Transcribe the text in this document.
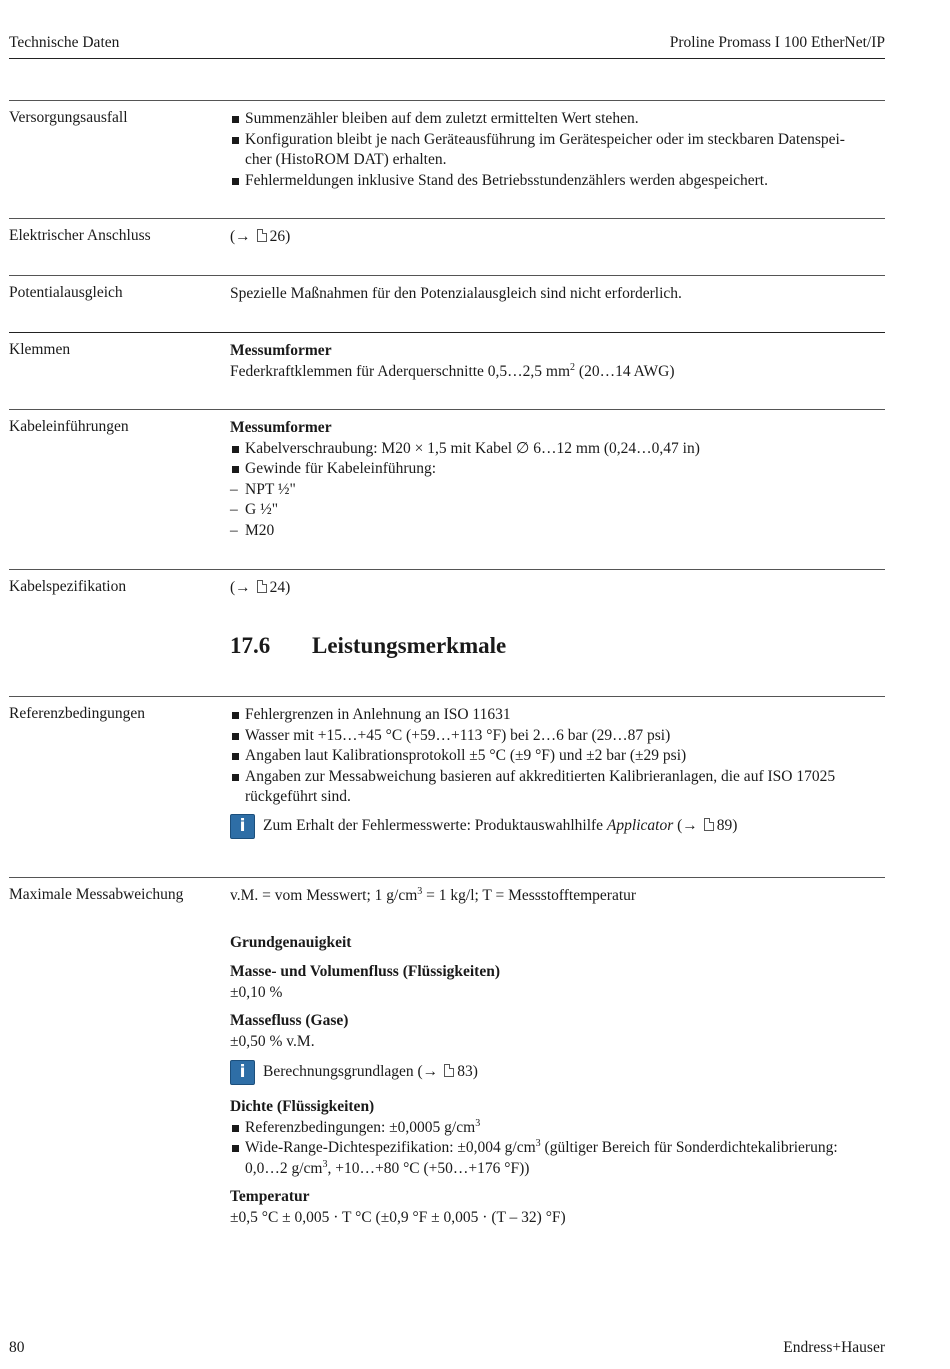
Technische Daten	Proline Promass I 100 EtherNet/IP
Versorgungsausfall	Summenzähler bleiben auf dem zuletzt ermittelten Wert stehen.
Konfiguration bleibt je nach Geräteausführung im Gerätespeicher oder im steckbaren Datenspei-
cher (HistoROM DAT) erhalten.
Fehlermeldungen inklusive Stand des Betriebsstundenzählers werden abgespeichert.
Elektrischer Anschluss	(→ 26)
Potentialausgleich	Spezielle Maßnahmen für den Potenzialausgleich sind nicht erforderlich.
Klemmen	Messumformer
Federkraftklemmen für Aderquerschnitte 0,5…2,5 $mm^2$ (20…14 AWG)
Kabeleinführungen	Messumformer
Kabelverschraubung: M20 × 1,5 mit Kabel ∅ 6…12 mm (0,24…0,47 in)
Gewinde für Kabeleinführung:
– NPT ½"
– G ½"
– M20
Kabelspezifikation	(→ 24)
17.6	Leistungsmerkmale
Referenzbedingungen	Fehlergrenzen in Anlehnung an ISO 11631
Wasser mit +15…+45 °C (+59…+113 °F) bei 2…6 bar (29…87 psi)
Angaben laut Kalibrationsprotokoll ±5 °C (±9 °F) und ±2 bar (±29 psi)
Angaben zur Messabweichung basieren auf akkreditierten Kalibrieranlagen, die auf ISO 17025 rückgeführt sind.
i	Zum Erhalt der Fehlermesswerte: Produktauswahlhilfe Applicator (→ 89)
Maximale Messabweichung	v.M. = vom Messwert; 1 $g/cm^3 = 1$ kg/l; T = Messstofftemperatur
Grundgenauigkeit
Masse- und Volumenfluss (Flüssigkeiten)
±0,10 %
Massefluss (Gase)
±0,50 % v.M.
i	Berechnungsgrundlagen (→ 83)
Dichte (Flüssigkeiten)
Referenzbedingungen: ±0,0005 $g/cm^3$
Wide-Range-Dichtespezifikation: ±0,004 $g/cm^3$ (gültiger Bereich für Sonderdichtekalibrierung:
0,0…2 $g/cm^3$, +10…+80 °C (+50…+176 °F))
Temperatur
±0,5 °C ± 0,005 · T °C (±0,9 °F ± 0,005 · (T – 32) °F)
80	Endress+Hauser
